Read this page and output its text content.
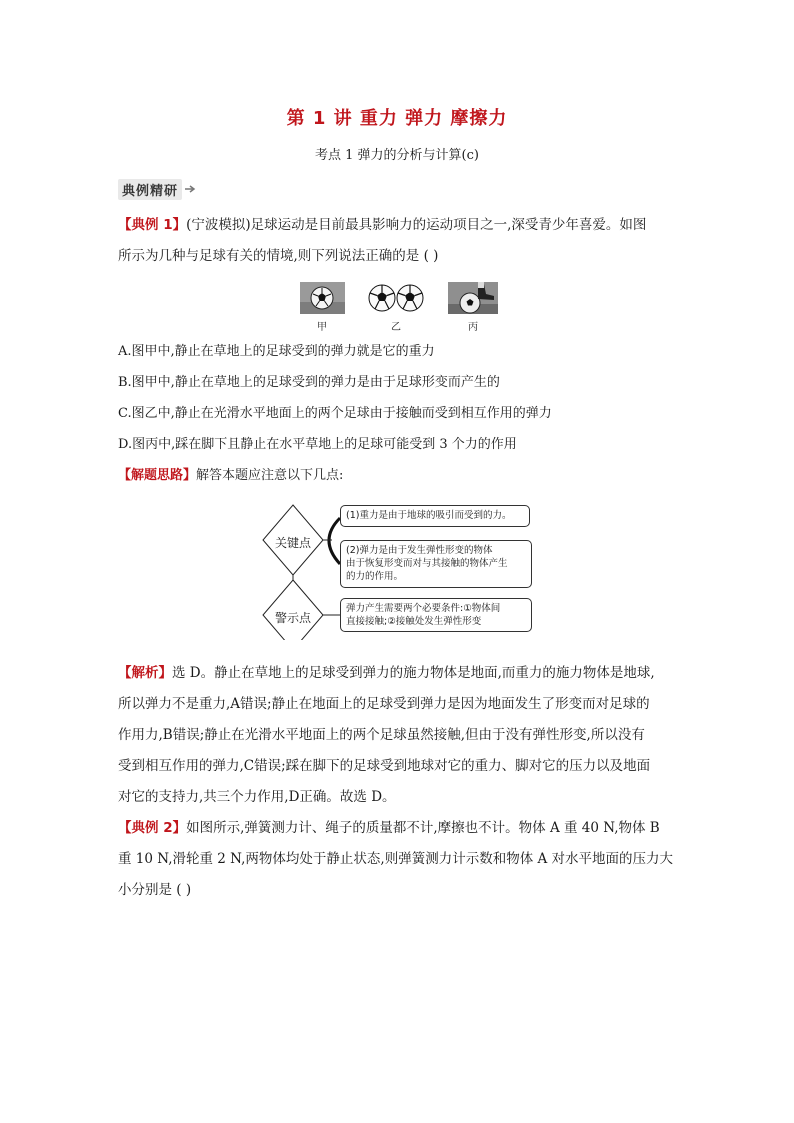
第 1 讲 重力 弹力 摩擦力
考点 1 弹力的分析与计算(c)
典例精研
【典例 1】(宁波模拟)足球运动是目前最具影响力的运动项目之一,深受青少年喜爱。如图
所示为几种与足球有关的情境,则下列说法正确的是 ( )
甲	乙	丙
A.图甲中,静止在草地上的足球受到的弹力就是它的重力
B.图甲中,静止在草地上的足球受到的弹力是由于足球形变而产生的
C.图乙中,静止在光滑水平地面上的两个足球由于接触而受到相互作用的弹力
D.图丙中,踩在脚下且静止在水平草地上的足球可能受到 3 个力的作用
【解题思路】解答本题应注意以下几点:
关键点
警示点
(1)重力是由于地球的吸引而受到的力。
(2)弹力是由于发生弹性形变的物体
由于恢复形变而对与其接触的物体产生
的力的作用。
弹力产生需要两个必要条件:①物体间
直接接触;②接触处发生弹性形变
【解析】选 D。静止在草地上的足球受到弹力的施力物体是地面,而重力的施力物体是地球,
所以弹力不是重力,A错误;静止在地面上的足球受到弹力是因为地面发生了形变而对足球的
作用力,B错误;静止在光滑水平地面上的两个足球虽然接触,但由于没有弹性形变,所以没有
受到相互作用的弹力,C错误;踩在脚下的足球受到地球对它的重力、脚对它的压力以及地面
对它的支持力,共三个力作用,D正确。故选 D。
【典例 2】如图所示,弹簧测力计、绳子的质量都不计,摩擦也不计。物体 A 重 40 N,物体 B
重 10 N,滑轮重 2 N,两物体均处于静止状态,则弹簧测力计示数和物体 A 对水平地面的压力大
小分别是 ( )
